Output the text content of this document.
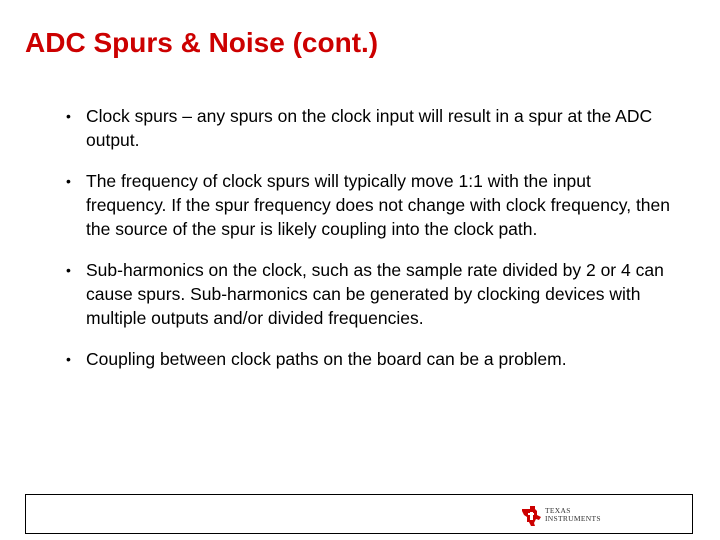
ADC Spurs & Noise (cont.)
• Clock spurs – any spurs on the clock input will result in a spur at the ADC output.
• The frequency of clock spurs will typically move 1:1 with the input frequency. If the spur frequency does not change with clock frequency, then the source of the spur is likely coupling into the clock path.
• Sub-harmonics on the clock, such as the sample rate divided by 2 or 4 can cause spurs. Sub-harmonics can be generated by clocking devices with multiple outputs and/or divided frequencies.
• Coupling between clock paths on the board can be a problem.
TEXAS
INSTRUMENTS
